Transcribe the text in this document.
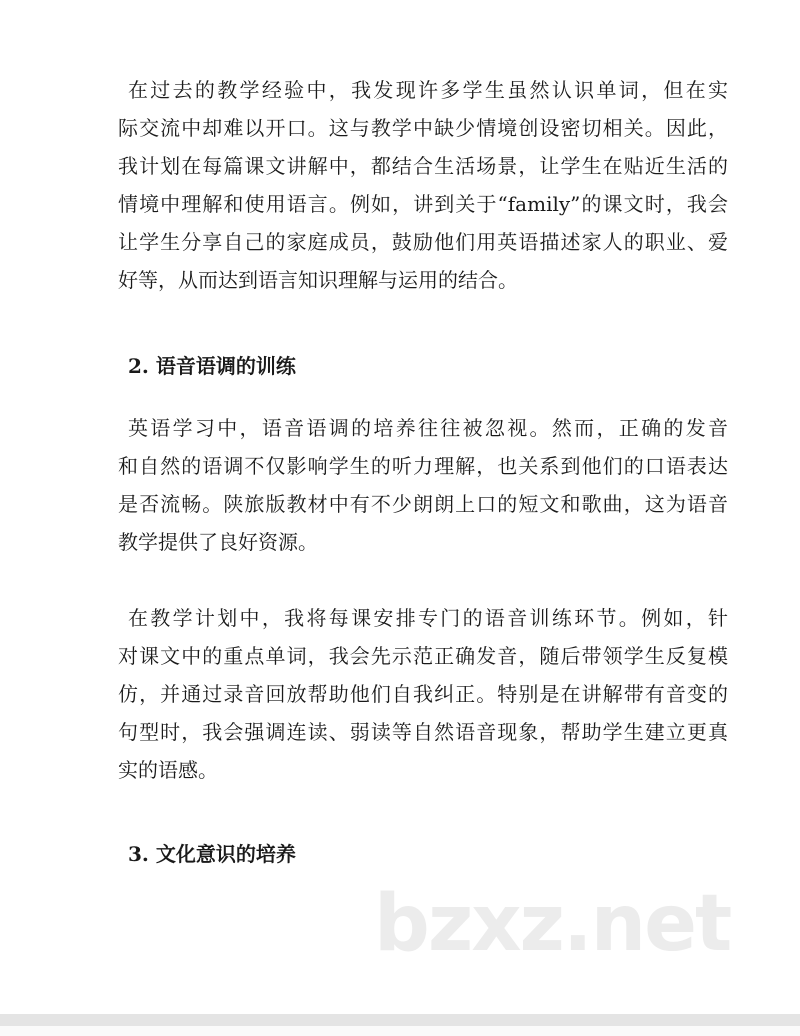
在过去的教学经验中，我发现许多学生虽然认识单词，但在实
际交流中却难以开口。这与教学中缺少情境创设密切相关。因此，
我计划在每篇课文讲解中，都结合生活场景，让学生在贴近生活的
情境中理解和使用语言。例如，讲到关于“family”的课文时，我会
让学生分享自己的家庭成员，鼓励他们用英语描述家人的职业、爱
好等，从而达到语言知识理解与运用的结合。
2. 语音语调的训练
英语学习中，语音语调的培养往往被忽视。然而，正确的发音
和自然的语调不仅影响学生的听力理解，也关系到他们的口语表达
是否流畅。陕旅版教材中有不少朗朗上口的短文和歌曲，这为语音
教学提供了良好资源。
在教学计划中，我将每课安排专门的语音训练环节。例如，针
对课文中的重点单词，我会先示范正确发音，随后带领学生反复模
仿，并通过录音回放帮助他们自我纠正。特别是在讲解带有音变的
句型时，我会强调连读、弱读等自然语音现象，帮助学生建立更真
实的语感。
3. 文化意识的培养
bzxz.net
